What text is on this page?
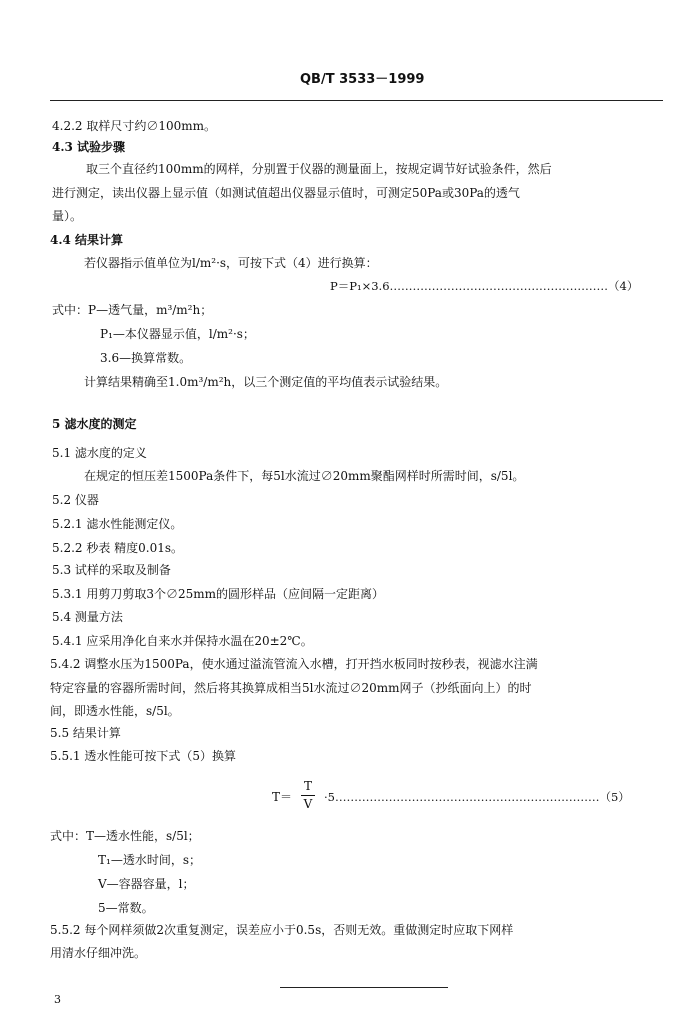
QB/T 3533－1999
4.2.2 取样尺寸约∅100mm。
4.3 试验步骤
取三个直径约100mm的网样，分别置于仪器的测量面上，按规定调节好试验条件，然后
进行测定，读出仪器上显示值（如测试值超出仪器显示值时，可测定50Pa或30Pa的透气
量）。
4.4 结果计算
若仪器指示值单位为l/m²·s，可按下式（4）进行换算：
P＝P₁×3.6…………………………………………………（4）
式中：P—透气量，m³/m²h；
P₁—本仪器显示值，l/m²·s；
3.6—换算常数。
计算结果精确至1.0m³/m²h，以三个测定值的平均值表示试验结果。
5 滤水度的测定
5.1 滤水度的定义
在规定的恒压差1500Pa条件下，每5l水流过∅20mm聚酯网样时所需时间，s/5l。
5.2 仪器
5.2.1 滤水性能测定仪。
5.2.2 秒表 精度0.01s。
5.3 试样的采取及制备
5.3.1 用剪刀剪取3个∅25mm的圆形样品（应间隔一定距离）
5.4 测量方法
5.4.1 应采用净化自来水并保持水温在20±2℃。
5.4.2 调整水压为1500Pa，使水通过溢流管流入水槽，打开挡水板同时按秒表，视滤水注满
特定容量的容器所需时间，然后将其换算成相当5l水流过∅20mm网子（抄纸面向上）的时
间，即透水性能，s/5l。
5.5 结果计算
5.5.1 透水性能可按下式（5）换算
T＝
T
V	·5……………………………………………………………（5）
式中：T—透水性能，s/5l；
T₁—透水时间，s；
V—容器容量，l；
5—常数。
5.5.2 每个网样须做2次重复测定，误差应小于0.5s，否则无效。重做测定时应取下网样
用清水仔细冲洗。
3
